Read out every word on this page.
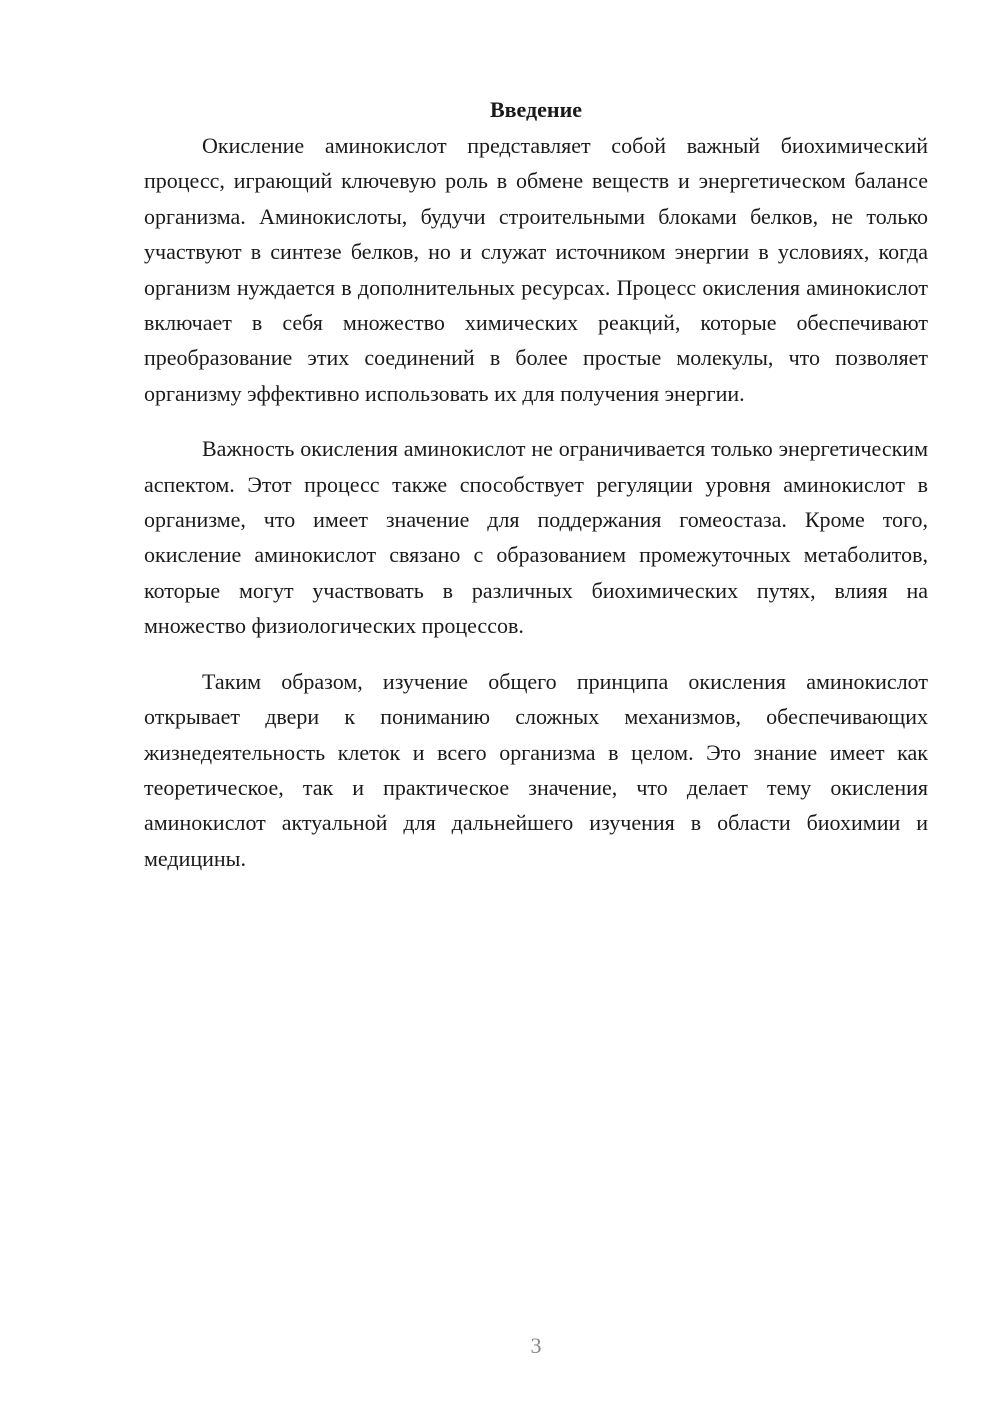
Введение

Окисление аминокислот представляет собой важный биохимический процесс, играющий ключевую роль в обмене веществ и энергетическом балансе организма. Аминокислоты, будучи строительными блоками белков, не только участвуют в синтезе белков, но и служат источником энергии в условиях, когда организм нуждается в дополнительных ресурсах. Процесс окисления аминокислот включает в себя множество химических реакций, которые обеспечивают преобразование этих соединений в более простые молекулы, что позволяет организму эффективно использовать их для получения энергии.

Важность окисления аминокислот не ограничивается только энергетическим аспектом. Этот процесс также способствует регуляции уровня аминокислот в организме, что имеет значение для поддержания гомеостаза. Кроме того, окисление аминокислот связано с образованием промежуточных метаболитов, которые могут участвовать в различных биохимических путях, влияя на множество физиологических процессов.

Таким образом, изучение общего принципа окисления аминокислот открывает двери к пониманию сложных механизмов, обеспечивающих жизнедеятельность клеток и всего организма в целом. Это знание имеет как теоретическое, так и практическое значение, что делает тему окисления аминокислот актуальной для дальнейшего изучения в области биохимии и медицины.

3
